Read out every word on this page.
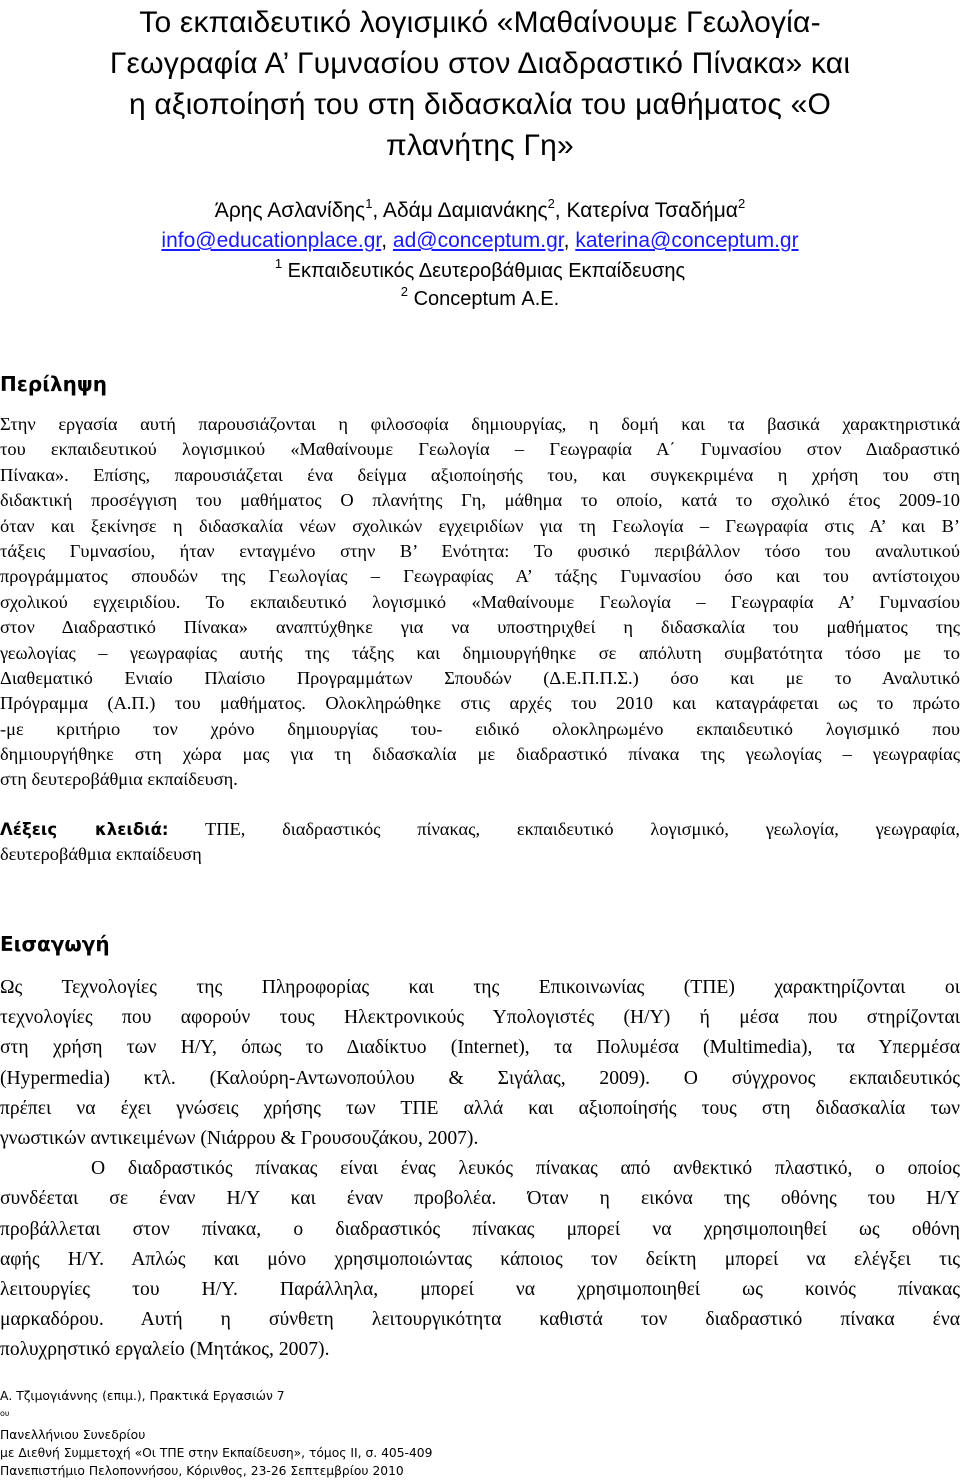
Το εκπαιδευτικό λογισμικό «Μαθαίνουμε Γεωλογία-
Γεωγραφία Α’ Γυμνασίου στον Διαδραστικό Πίνακα» και
η αξιοποίησή του στη διδασκαλία του μαθήματος «Ο
πλανήτης Γη»
Άρης Ασλανίδης$^1$, Αδάμ Δαμιανάκης$^2$, Κατερίνα Τσαδήμα$^2$
info@educationplace.gr, ad@conceptum.gr, katerina@conceptum.gr
$^1$ Εκπαιδευτικός Δευτεροβάθμιας Εκπαίδευσης
$^2$ Conceptum Α.Ε.
Περίληψη
Στην εργασία αυτή παρουσιάζονται η φιλοσοφία δημιουργίας, η δομή και τα βασικά χαρακτηριστικά
του εκπαιδευτικού λογισμικού «Μαθαίνουμε Γεωλογία – Γεωγραφία Α΄ Γυμνασίου στον Διαδραστικό
Πίνακα». Επίσης, παρουσιάζεται ένα δείγμα αξιοποίησής του, και συγκεκριμένα η χρήση του στη
διδακτική προσέγγιση του μαθήματος Ο πλανήτης Γη, μάθημα το οποίο, κατά το σχολικό έτος 2009-10
όταν και ξεκίνησε η διδασκαλία νέων σχολικών εγχειριδίων για τη Γεωλογία – Γεωγραφία στις Α’ και Β’
τάξεις Γυμνασίου, ήταν ενταγμένο στην Β’ Ενότητα: Το φυσικό περιβάλλον τόσο του αναλυτικού
προγράμματος σπουδών της Γεωλογίας – Γεωγραφίας Α’ τάξης Γυμνασίου όσο και του αντίστοιχου
σχολικού εγχειριδίου. Το εκπαιδευτικό λογισμικό «Μαθαίνουμε Γεωλογία – Γεωγραφία Α’ Γυμνασίου
στον Διαδραστικό Πίνακα» αναπτύχθηκε για να υποστηριχθεί η διδασκαλία του μαθήματος της
γεωλογίας – γεωγραφίας αυτής της τάξης και δημιουργήθηκε σε απόλυτη συμβατότητα τόσο με το
Διαθεματικό Ενιαίο Πλαίσιο Προγραμμάτων Σπουδών (Δ.Ε.Π.Π.Σ.) όσο και με το Αναλυτικό
Πρόγραμμα (Α.Π.) του μαθήματος. Ολοκληρώθηκε στις αρχές του 2010 και καταγράφεται ως το πρώτο
-με κριτήριο τον χρόνο δημιουργίας του- ειδικό ολοκληρωμένο εκπαιδευτικό λογισμικό που
δημιουργήθηκε στη χώρα μας για τη διδασκαλία με διαδραστικό πίνακα της γεωλογίας – γεωγραφίας
στη δευτεροβάθμια εκπαίδευση.
Λέξεις κλειδιά: ΤΠΕ, διαδραστικός πίνακας, εκπαιδευτικό λογισμικό, γεωλογία, γεωγραφία,
δευτεροβάθμια εκπαίδευση
Εισαγωγή
Ως Τεχνολογίες της Πληροφορίας και της Επικοινωνίας (ΤΠΕ) χαρακτηρίζονται οι
τεχνολογίες που αφορούν τους Ηλεκτρονικούς Υπολογιστές (Η/Υ) ή μέσα που στηρίζονται
στη χρήση των Η/Υ, όπως το Διαδίκτυο (Internet), τα Πολυμέσα (Multimedia), τα Υπερμέσα
(Hypermedia) κτλ. (Καλούρη-Αντωνοπούλου & Σιγάλας, 2009). Ο σύγχρονος εκπαιδευτικός
πρέπει να έχει γνώσεις χρήσης των ΤΠΕ αλλά και αξιοποίησής τους στη διδασκαλία των
γνωστικών αντικειμένων (Νιάρρου & Γρουσουζάκου, 2007).
Ο διαδραστικός πίνακας είναι ένας λευκός πίνακας από ανθεκτικό πλαστικό, ο οποίος
συνδέεται σε έναν Η/Υ και έναν προβολέα. Όταν η εικόνα της οθόνης του Η/Υ
προβάλλεται στον πίνακα, ο διαδραστικός πίνακας μπορεί να χρησιμοποιηθεί ως οθόνη
αφής Η/Υ. Απλώς και μόνο χρησιμοποιώντας κάποιος τον δείκτη μπορεί να ελέγξει τις
λειτουργίες του Η/Υ. Παράλληλα, μπορεί να χρησιμοποιηθεί ως κοινός πίνακας
μαρκαδόρου. Αυτή η σύνθετη λειτουργικότητα καθιστά τον διαδραστικό πίνακα ένα
πολυχρηστικό εργαλείο (Μητάκος, 2007).
Α. Τζιμογιάννης (επιμ.), Πρακτικά Εργασιών 7
$^{o\upsilon}$
Πανελλήνιου Συνεδρίου
με Διεθνή Συμμετοχή «Οι ΤΠΕ στην Εκπαίδευση», τόμος ΙΙ, σ. 405-409
Πανεπιστήμιο Πελοποννήσου, Κόρινθος, 23-26 Σεπτεμβρίου 2010
